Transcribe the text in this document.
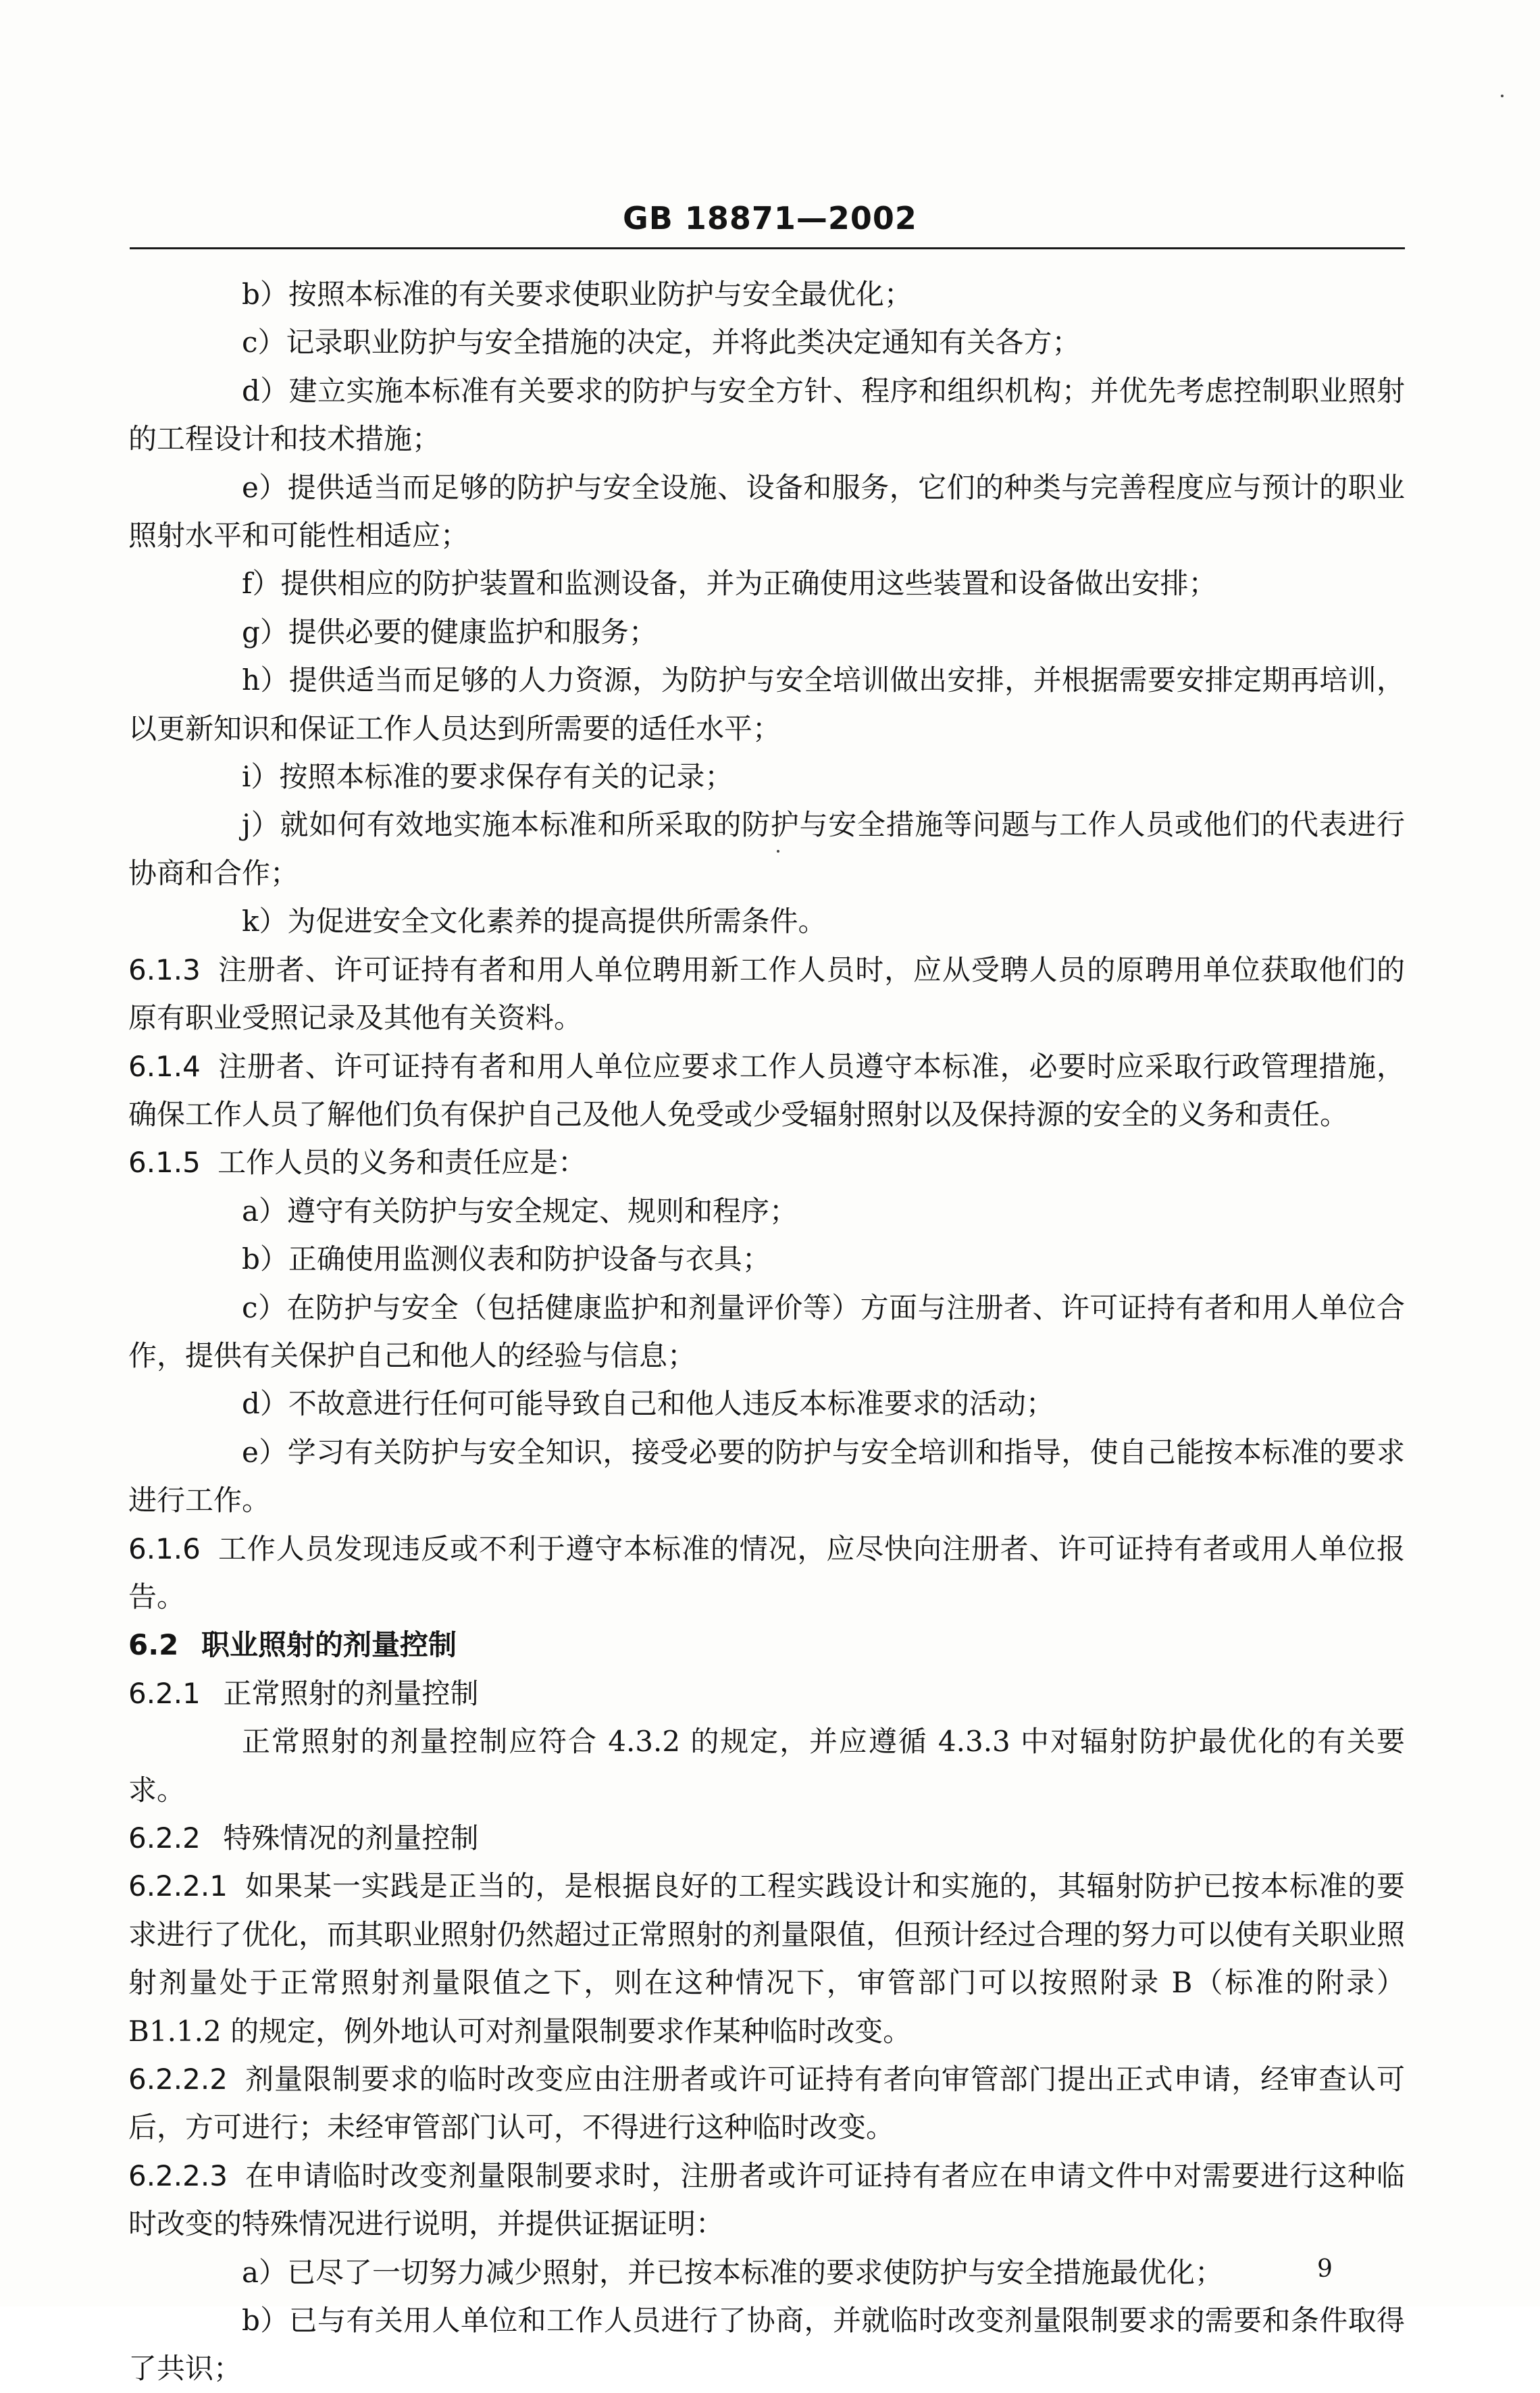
GB 18871—2002

b）按照本标准的有关要求使职业防护与安全最优化；

c）记录职业防护与安全措施的决定，并将此类决定通知有关各方；

d）建立实施本标准有关要求的防护与安全方针、程序和组织机构；并优先考虑控制职业照射的工程设计和技术措施；

e）提供适当而足够的防护与安全设施、设备和服务，它们的种类与完善程度应与预计的职业照射水平和可能性相适应；

f）提供相应的防护装置和监测设备，并为正确使用这些装置和设备做出安排；

g）提供必要的健康监护和服务；

h）提供适当而足够的人力资源，为防护与安全培训做出安排，并根据需要安排定期再培训，以更新知识和保证工作人员达到所需要的适任水平；

i）按照本标准的要求保存有关的记录；

j）就如何有效地实施本标准和所采取的防护与安全措施等问题与工作人员或他们的代表进行协商和合作；

k）为促进安全文化素养的提高提供所需条件。

6.1.3 注册者、许可证持有者和用人单位聘用新工作人员时，应从受聘人员的原聘用单位获取他们的原有职业受照记录及其他有关资料。

6.1.4 注册者、许可证持有者和用人单位应要求工作人员遵守本标准，必要时应采取行政管理措施，确保工作人员了解他们负有保护自己及他人免受或少受辐射照射以及保持源的安全的义务和责任。

6.1.5 工作人员的义务和责任应是：

a）遵守有关防护与安全规定、规则和程序；

b）正确使用监测仪表和防护设备与衣具；

c）在防护与安全（包括健康监护和剂量评价等）方面与注册者、许可证持有者和用人单位合作，提供有关保护自己和他人的经验与信息；

d）不故意进行任何可能导致自己和他人违反本标准要求的活动；

e）学习有关防护与安全知识，接受必要的防护与安全培训和指导，使自己能按本标准的要求进行工作。

6.1.6 工作人员发现违反或不利于遵守本标准的情况，应尽快向注册者、许可证持有者或用人单位报告。

6.2 职业照射的剂量控制

6.2.1 正常照射的剂量控制

正常照射的剂量控制应符合 4.3.2 的规定，并应遵循 4.3.3 中对辐射防护最优化的有关要求。

6.2.2 特殊情况的剂量控制

6.2.2.1 如果某一实践是正当的，是根据良好的工程实践设计和实施的，其辐射防护已按本标准的要求进行了优化，而其职业照射仍然超过正常照射的剂量限值，但预计经过合理的努力可以使有关职业照射剂量处于正常照射剂量限值之下，则在这种情况下，审管部门可以按照附录 B（标准的附录）B1.1.2 的规定，例外地认可对剂量限制要求作某种临时改变。

6.2.2.2 剂量限制要求的临时改变应由注册者或许可证持有者向审管部门提出正式申请，经审查认可后，方可进行；未经审管部门认可，不得进行这种临时改变。

6.2.2.3 在申请临时改变剂量限制要求时，注册者或许可证持有者应在申请文件中对需要进行这种临时改变的特殊情况进行说明，并提供证据证明：

a）已尽了一切努力减少照射，并已按本标准的要求使防护与安全措施最优化；

b）已与有关用人单位和工作人员进行了协商，并就临时改变剂量限制要求的需要和条件取得了共识；

9
